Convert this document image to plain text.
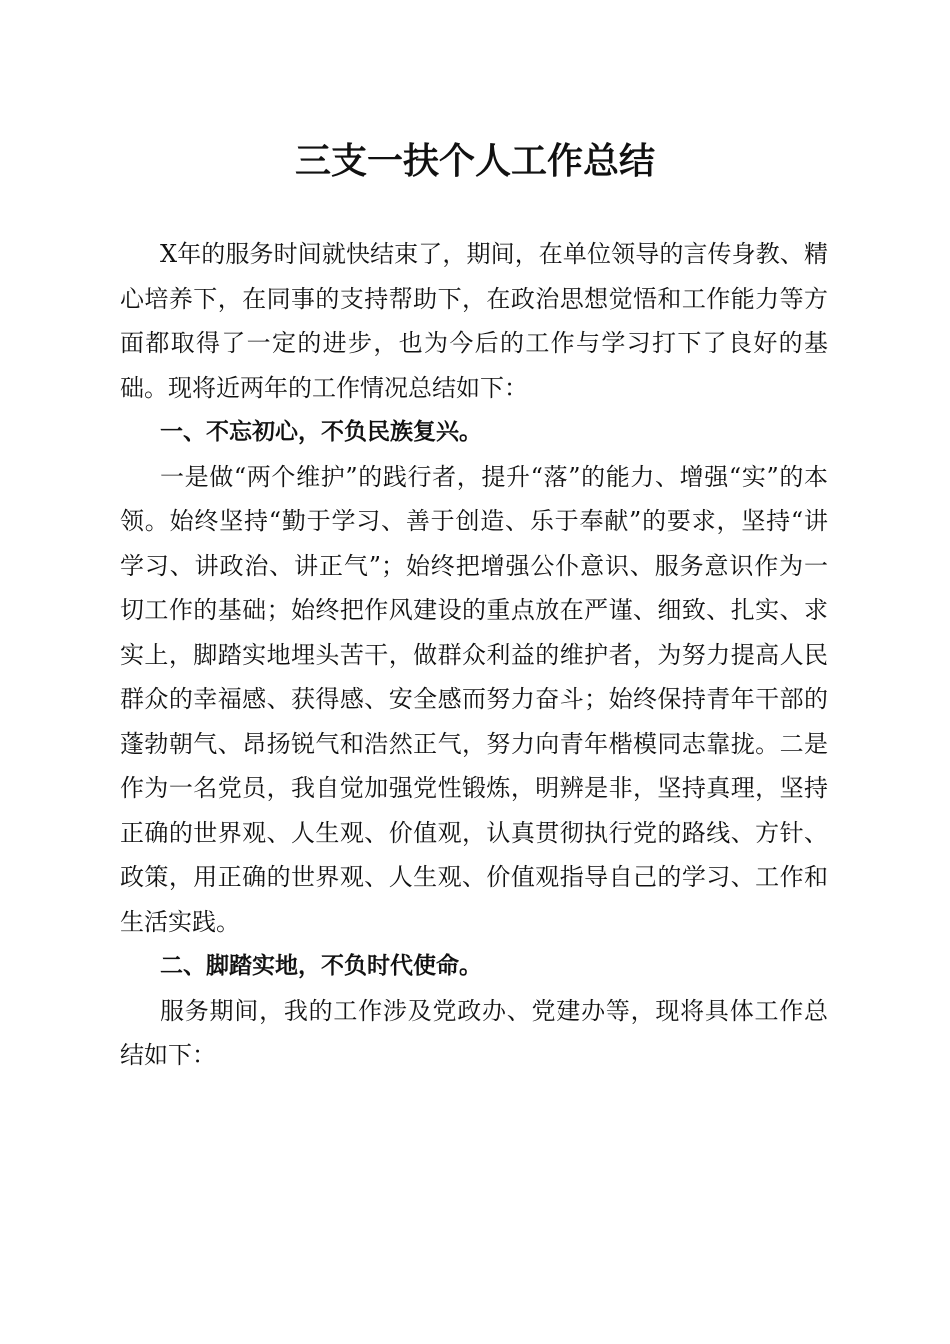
三支一扶个人工作总结

X年的服务时间就快结束了，期间，在单位领导的言传身教、精心培养下，在同事的支持帮助下，在政治思想觉悟和工作能力等方面都取得了一定的进步，也为今后的工作与学习打下了良好的基础。现将近两年的工作情况总结如下：

一、不忘初心，不负民族复兴。

一是做“两个维护”的践行者，提升“落”的能力、增强“实”的本领。始终坚持“勤于学习、善于创造、乐于奉献”的要求，坚持“讲学习、讲政治、讲正气”；始终把增强公仆意识、服务意识作为一切工作的基础；始终把作风建设的重点放在严谨、细致、扎实、求实上，脚踏实地埋头苦干，做群众利益的维护者，为努力提高人民群众的幸福感、获得感、安全感而努力奋斗；始终保持青年干部的蓬勃朝气、昂扬锐气和浩然正气，努力向青年楷模同志靠拢。二是作为一名党员，我自觉加强党性锻炼，明辨是非，坚持真理，坚持正确的世界观、人生观、价值观，认真贯彻执行党的路线、方针、政策，用正确的世界观、人生观、价值观指导自己的学习、工作和生活实践。

二、脚踏实地，不负时代使命。

服务期间，我的工作涉及党政办、党建办等，现将具体工作总结如下：
